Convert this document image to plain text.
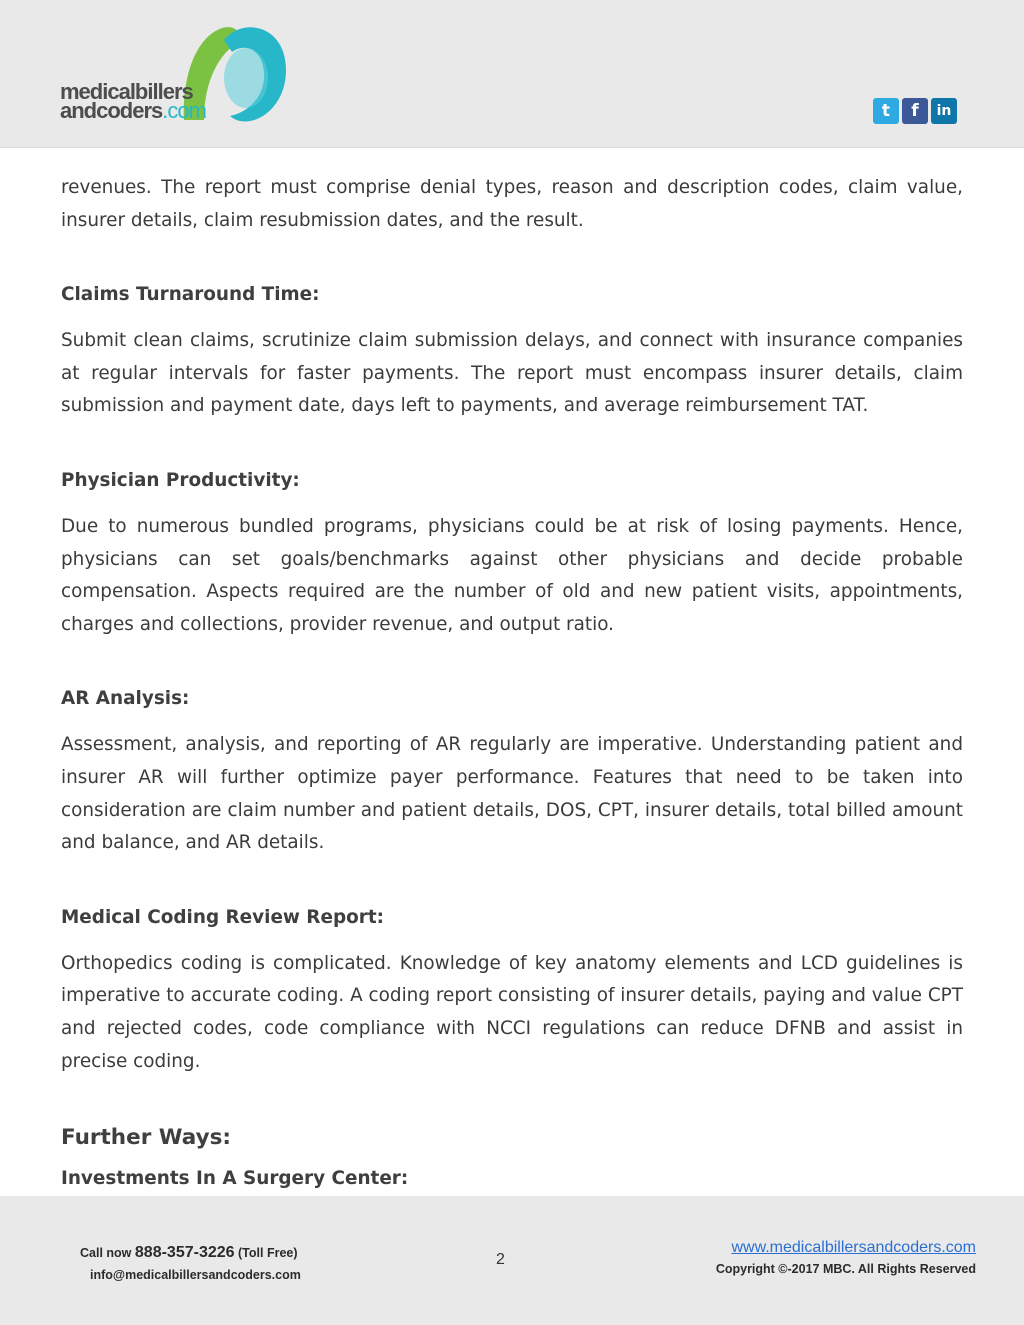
medicalbillers
andcoders.com	t	f	in

revenues. The report must comprise denial types, reason and description codes, claim value, insurer details, claim resubmission dates, and the result.

Claims Turnaround Time:

Submit clean claims, scrutinize claim submission delays, and connect with insurance companies at regular intervals for faster payments. The report must encompass insurer details, claim submission and payment date, days left to payments, and average reimbursement TAT.

Physician Productivity:

Due to numerous bundled programs, physicians could be at risk of losing payments. Hence, physicians can set goals/benchmarks against other physicians and decide probable compensation. Aspects required are the number of old and new patient visits, appointments, charges and collections, provider revenue, and output ratio.

AR Analysis:

Assessment, analysis, and reporting of AR regularly are imperative. Understanding patient and insurer AR will further optimize payer performance. Features that need to be taken into consideration are claim number and patient details, DOS, CPT, insurer details, total billed amount and balance, and AR details.

Medical Coding Review Report:

Orthopedics coding is complicated. Knowledge of key anatomy elements and LCD guidelines is imperative to accurate coding. A coding report consisting of insurer details, paying and value CPT and rejected codes, code compliance with NCCI regulations can reduce DFNB and assist in precise coding.

Further Ways:
Investments In A Surgery Center:
Call now 888-357-3226 (Toll Free)
info@medicalbillersandcoders.com
2
www.medicalbillersandcoders.com
Copyright ©-2017 MBC. All Rights Reserved
